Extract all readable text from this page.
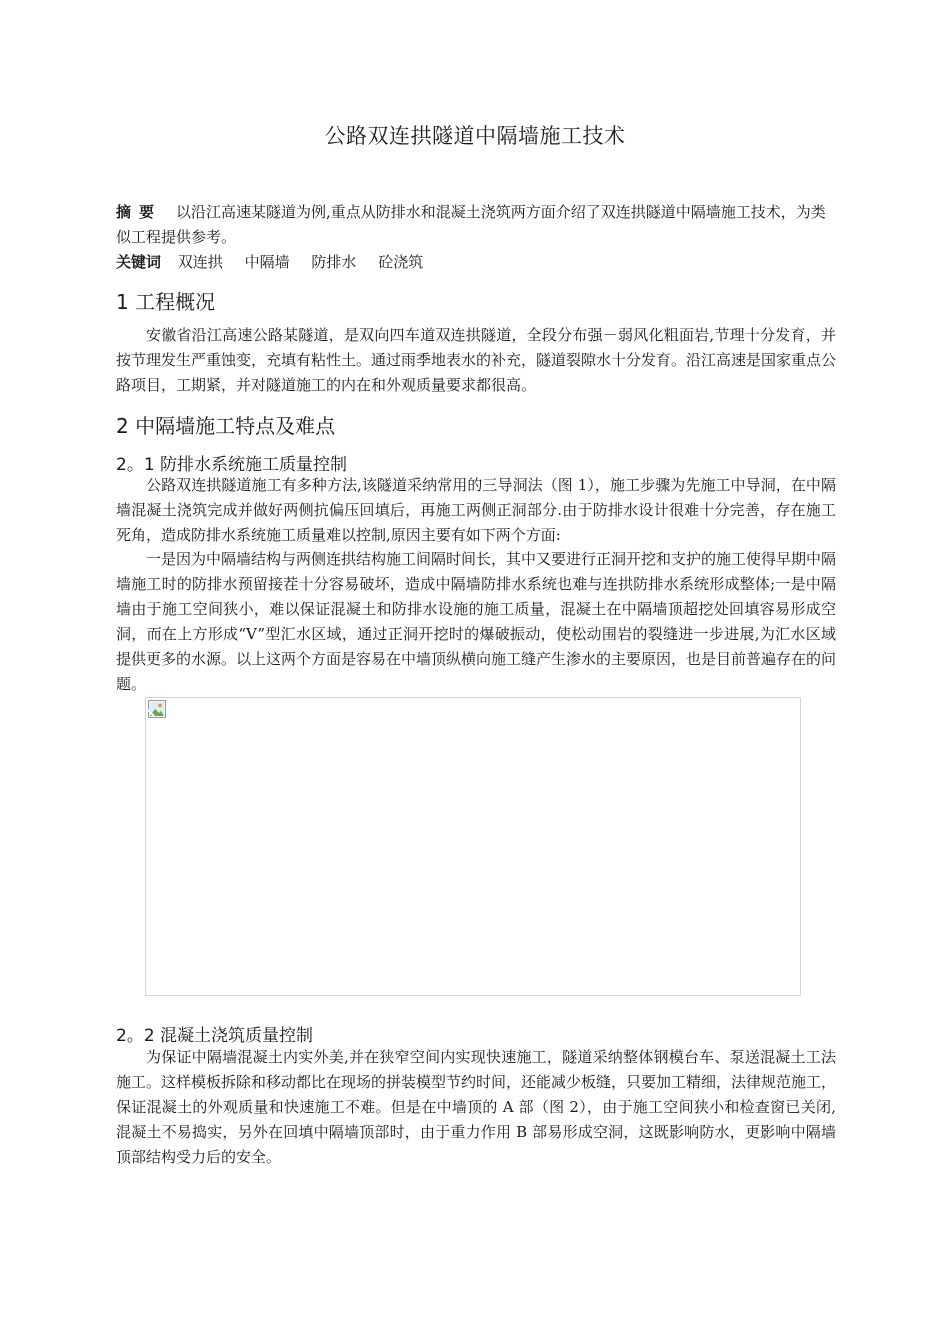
公路双连拱隧道中隔墙施工技术
摘要 以沿江高速某隧道为例,重点从防排水和混凝土浇筑两方面介绍了双连拱隧道中隔墙施工技术，为类似工程提供参考。
关键词 双连拱 中隔墙 防排水 砼浇筑
1 工程概况
安徽省沿江高速公路某隧道，是双向四车道双连拱隧道，全段分布强－弱风化粗面岩,节理十分发育，并按节理发生严重蚀变，充填有粘性土。通过雨季地表水的补充，隧道裂隙水十分发育。沿江高速是国家重点公路项目，工期紧，并对隧道施工的内在和外观质量要求都很高。
2 中隔墙施工特点及难点
2。1 防排水系统施工质量控制
公路双连拱隧道施工有多种方法,该隧道采纳常用的三导洞法（图 1），施工步骤为先施工中导洞，在中隔墙混凝土浇筑完成并做好两侧抗偏压回填后，再施工两侧正洞部分.由于防排水设计很难十分完善，存在施工死角，造成防排水系统施工质量难以控制,原因主要有如下两个方面:
一是因为中隔墙结构与两侧连拱结构施工间隔时间长，其中又要进行正洞开挖和支护的施工使得早期中隔墙施工时的防排水预留接茬十分容易破坏，造成中隔墙防排水系统也难与连拱防排水系统形成整体;一是中隔墙由于施工空间狭小，难以保证混凝土和防排水设施的施工质量，混凝土在中隔墙顶超挖处回填容易形成空洞，而在上方形成“V”型汇水区域，通过正洞开挖时的爆破振动，使松动围岩的裂缝进一步进展,为汇水区域提供更多的水源。以上这两个方面是容易在中墙顶纵横向施工缝产生渗水的主要原因，也是目前普遍存在的问题。
2。2 混凝土浇筑质量控制
为保证中隔墙混凝土内实外美,并在狭窄空间内实现快速施工，隧道采纳整体钢模台车、泵送混凝土工法施工。这样模板拆除和移动都比在现场的拼装模型节约时间，还能减少板缝，只要加工精细，法律规范施工，保证混凝土的外观质量和快速施工不难。但是在中墙顶的 A 部（图 2），由于施工空间狭小和检查窗已关闭,混凝土不易捣实，另外在回填中隔墙顶部时，由于重力作用 B 部易形成空洞，这既影响防水，更影响中隔墙顶部结构受力后的安全。
